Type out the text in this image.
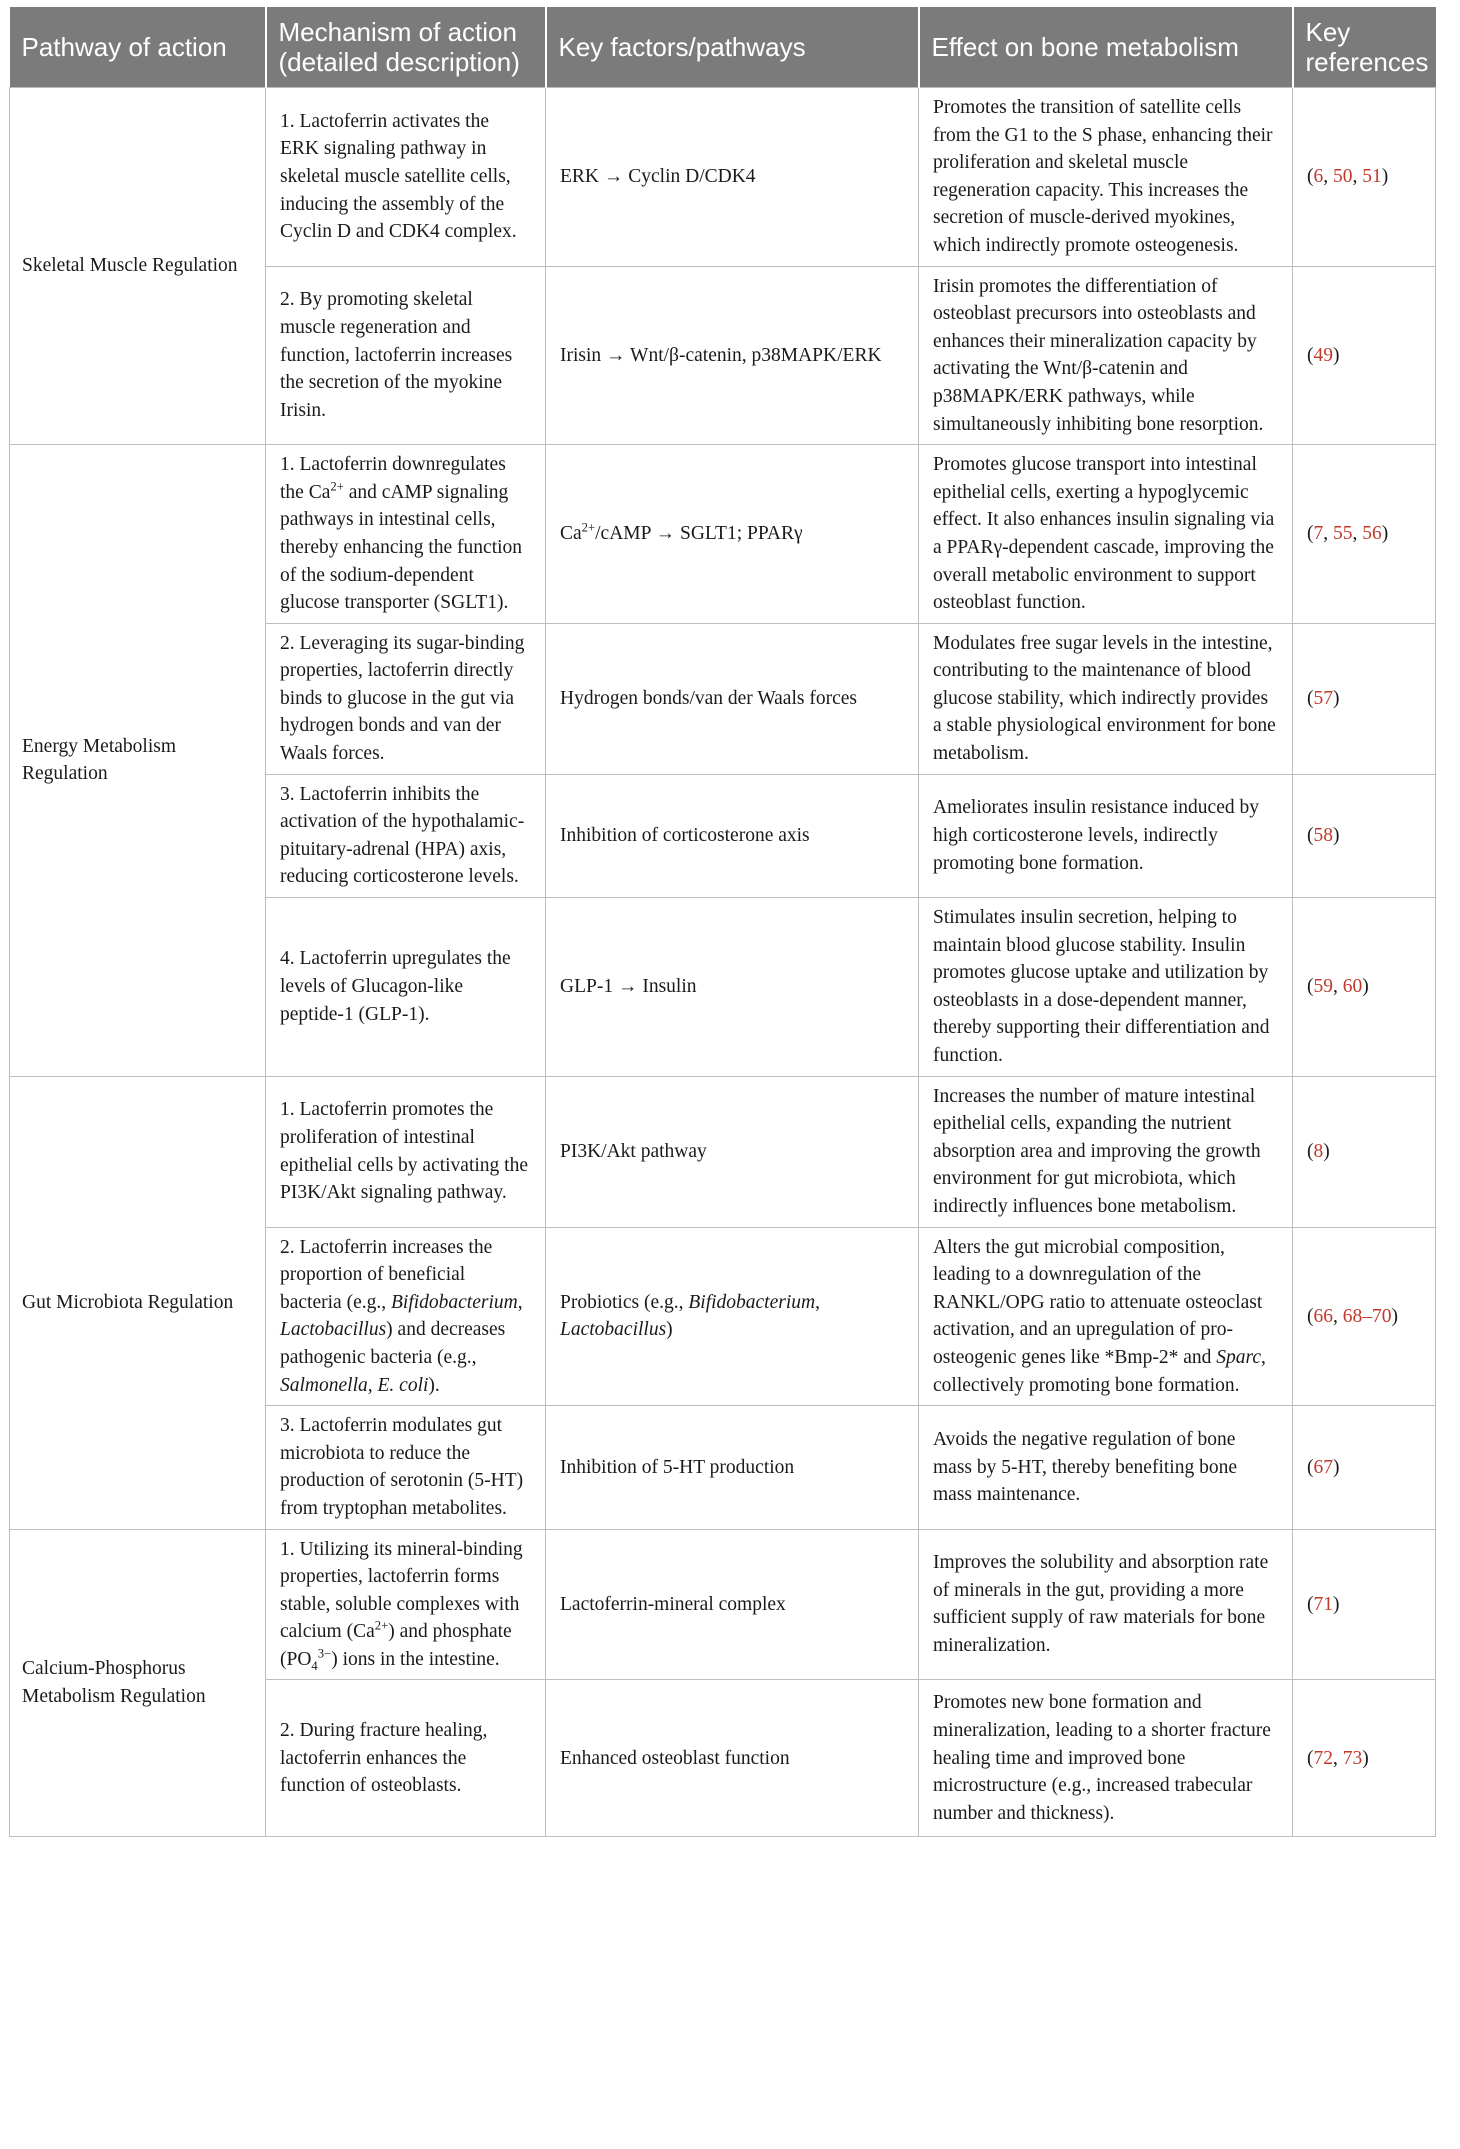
Pathway of action	Mechanism of action (detailed description)	Key factors/pathways	Effect on bone metabolism	Key references
Skeletal Muscle Regulation	1. Lactoferrin activates the ERK signaling pathway in skeletal muscle satellite cells, inducing the assembly of the Cyclin D and CDK4 complex.	ERK → Cyclin D/CDK4	Promotes the transition of satellite cells from the G1 to the S phase, enhancing their proliferation and skeletal muscle regeneration capacity. This increases the secretion of muscle-derived myokines, which indirectly promote osteogenesis.	(6, 50, 51)
	2. By promoting skeletal muscle regeneration and function, lactoferrin increases the secretion of the myokine Irisin.	Irisin → Wnt/β-catenin, p38MAPK/ERK	Irisin promotes the differentiation of osteoblast precursors into osteoblasts and enhances their mineralization capacity by activating the Wnt/β-catenin and p38MAPK/ERK pathways, while simultaneously inhibiting bone resorption.	(49)
Energy Metabolism Regulation	1. Lactoferrin downregulates the $Ca^{2+}$ and cAMP signaling pathways in intestinal cells, thereby enhancing the function of the sodium-dependent glucose transporter (SGLT1).	$Ca^{2+}$/cAMP → SGLT1; PPARγ	Promotes glucose transport into intestinal epithelial cells, exerting a hypoglycemic effect. It also enhances insulin signaling via a PPARγ-dependent cascade, improving the overall metabolic environment to support osteoblast function.	(7, 55, 56)
	2. Leveraging its sugar-binding properties, lactoferrin directly binds to glucose in the gut via hydrogen bonds and van der Waals forces.	Hydrogen bonds/van der Waals forces	Modulates free sugar levels in the intestine, contributing to the maintenance of blood glucose stability, which indirectly provides a stable physiological environment for bone metabolism.	(57)
	3. Lactoferrin inhibits the activation of the hypothalamic-pituitary-adrenal (HPA) axis, reducing corticosterone levels.	Inhibition of corticosterone axis	Ameliorates insulin resistance induced by high corticosterone levels, indirectly promoting bone formation.	(58)
	4. Lactoferrin upregulates the levels of Glucagon-like peptide-1 (GLP-1).	GLP-1 → Insulin	Stimulates insulin secretion, helping to maintain blood glucose stability. Insulin promotes glucose uptake and utilization by osteoblasts in a dose-dependent manner, thereby supporting their differentiation and function.	(59, 60)
Gut Microbiota Regulation	1. Lactoferrin promotes the proliferation of intestinal epithelial cells by activating the PI3K/Akt signaling pathway.	PI3K/Akt pathway	Increases the number of mature intestinal epithelial cells, expanding the nutrient absorption area and improving the growth environment for gut microbiota, which indirectly influences bone metabolism.	(8)
	2. Lactoferrin increases the proportion of beneficial bacteria (e.g., Bifidobacterium, Lactobacillus) and decreases pathogenic bacteria (e.g., Salmonella, E. coli).	Probiotics (e.g., Bifidobacterium, Lactobacillus)	Alters the gut microbial composition, leading to a downregulation of the RANKL/OPG ratio to attenuate osteoclast activation, and an upregulation of pro-osteogenic genes like *Bmp-2* and Sparc, collectively promoting bone formation.	(66, 68–70)
	3. Lactoferrin modulates gut microbiota to reduce the production of serotonin (5-HT) from tryptophan metabolites.	Inhibition of 5-HT production	Avoids the negative regulation of bone mass by 5-HT, thereby benefiting bone mass maintenance.	(67)
Calcium-Phosphorus Metabolism Regulation	1. Utilizing its mineral-binding properties, lactoferrin forms stable, soluble complexes with calcium $(Ca^{2+})$ and phosphate $(PO_4^{3-})$ ions in the intestine.	Lactoferrin-mineral complex	Improves the solubility and absorption rate of minerals in the gut, providing a more sufficient supply of raw materials for bone mineralization.	(71)
	2. During fracture healing, lactoferrin enhances the function of osteoblasts.	Enhanced osteoblast function	Promotes new bone formation and mineralization, leading to a shorter fracture healing time and improved bone microstructure (e.g., increased trabecular number and thickness).	(72, 73)
